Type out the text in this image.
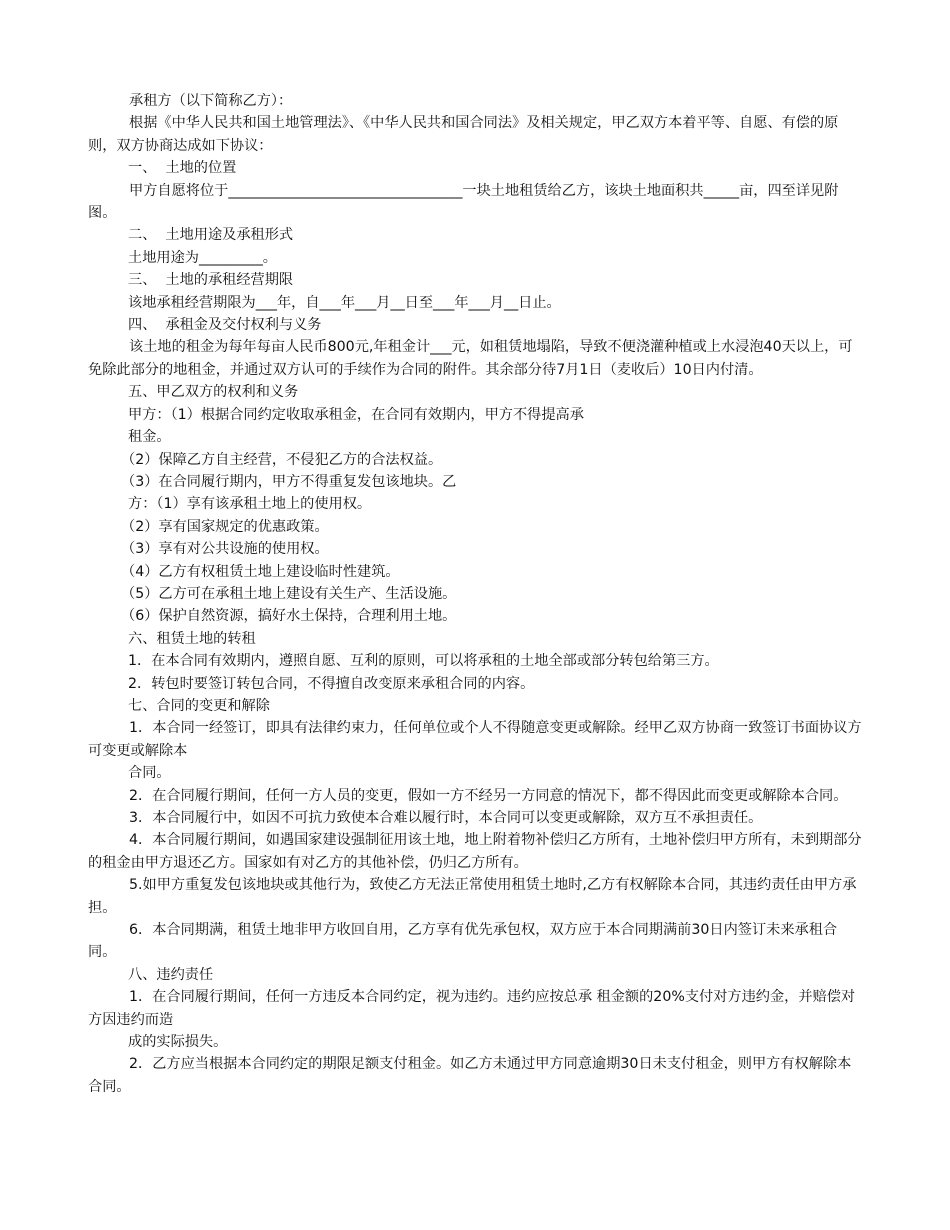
承租方（以下简称乙方）：

根据《中华人民共和国土地管理法》、《中华人民共和国合同法》及相关规定，甲乙双方本着平等、自愿、有偿的原则，双方协商达成如下协议：

一、  土地的位置

甲方自愿将位于_________________________________一块土地租赁给乙方，该块土地面积共_____亩，四至详见附图。

二、  土地用途及承租形式

土地用途为_________。

三、  土地的承租经营期限

该地承租经营期限为___年，自___年___月__日至___年___月__日止。

四、  承租金及交付权利与义务

该土地的租金为每年每亩人民币800元,年租金计___元，如租赁地塌陷，导致不便浇灌种植或上水浸泡40天以上，可免除此部分的地租金，并通过双方认可的手续作为合同的附件。其余部分待7月1日（麦收后）10日内付清。

五、甲乙双方的权利和义务

甲方：（1）根据合同约定收取承租金，在合同有效期内，甲方不得提高承

租金。

（2）保障乙方自主经营，不侵犯乙方的合法权益。

（3）在合同履行期内，甲方不得重复发包该地块。乙

方：（1）享有该承租土地上的使用权。

（2）享有国家规定的优惠政策。

（3）享有对公共设施的使用权。

（4）乙方有权租赁土地上建设临时性建筑。

（5）乙方可在承租土地上建设有关生产、生活设施。

（6）保护自然资源，搞好水土保持，合理利用土地。

六、租赁土地的转租

1．在本合同有效期内，遵照自愿、互利的原则，可以将承租的土地全部或部分转包给第三方。

2．转包时要签订转包合同，不得擅自改变原来承租合同的内容。

七、合同的变更和解除

1．本合同一经签订，即具有法律约束力，任何单位或个人不得随意变更或解除。经甲乙双方协商一致签订书面协议方可变更或解除本

合同。

2．在合同履行期间，任何一方人员的变更，假如一方不经另一方同意的情况下，都不得因此而变更或解除本合同。

3．本合同履行中，如因不可抗力致使本合难以履行时，本合同可以变更或解除，双方互不承担责任。

4．本合同履行期间，如遇国家建设强制征用该土地，地上附着物补偿归乙方所有，土地补偿归甲方所有，未到期部分的租金由甲方退还乙方。国家如有对乙方的其他补偿，仍归乙方所有。

5.如甲方重复发包该地块或其他行为，致使乙方无法正常使用租赁土地时,乙方有权解除本合同，其违约责任由甲方承担。

6．本合同期满，租赁土地非甲方收回自用，乙方享有优先承包权，双方应于本合同期满前30日内签订未来承租合同。

八、违约责任

1．在合同履行期间，任何一方违反本合同约定，视为违约。违约应按总承 租金额的20%支付对方违约金，并赔偿对方因违约而造

成的实际损失。

2．乙方应当根据本合同约定的期限足额支付租金。如乙方未通过甲方同意逾期30日未支付租金，则甲方有权解除本合同。
